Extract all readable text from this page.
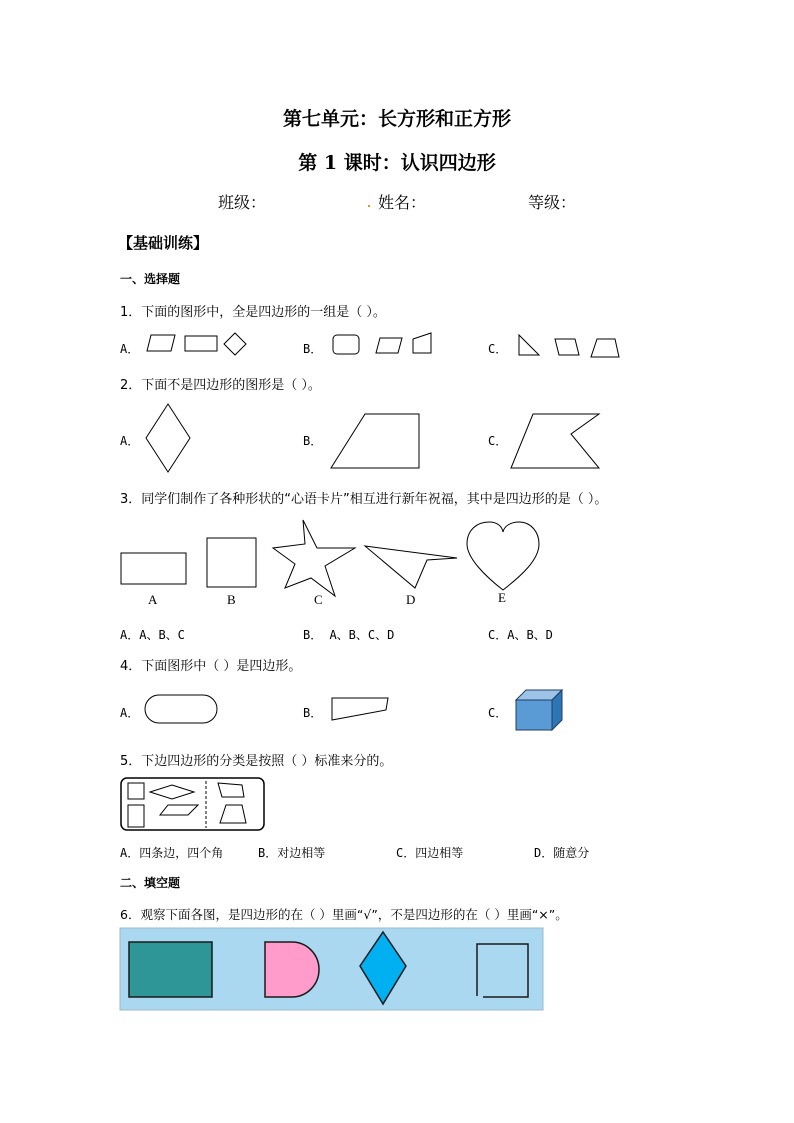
第七单元：长方形和正方形
第 1 课时：认识四边形
班级：	姓名：	等级：
【基础训练】
一、选择题
1．下面的图形中，全是四边形的一组是（ ）。
A．	B．	C．
2．下面不是四边形的图形是（ ）。
A．	B．	C．
3．同学们制作了各种形状的“心语卡片”相互进行新年祝福，其中是四边形的是（ ）。
A	B	C	D	E
A．A、B、C	B． A、B、C、D	C．A、B、D
4．下面图形中（ ）是四边形。
A．	B．	C．
5．下边四边形的分类是按照（ ）标准来分的。
A．四条边，四个角	B．对边相等	C．四边相等	D．随意分
二、填空题
6．观察下面各图，是四边形的在（ ）里画“√”，不是四边形的在（ ）里画“×”。
